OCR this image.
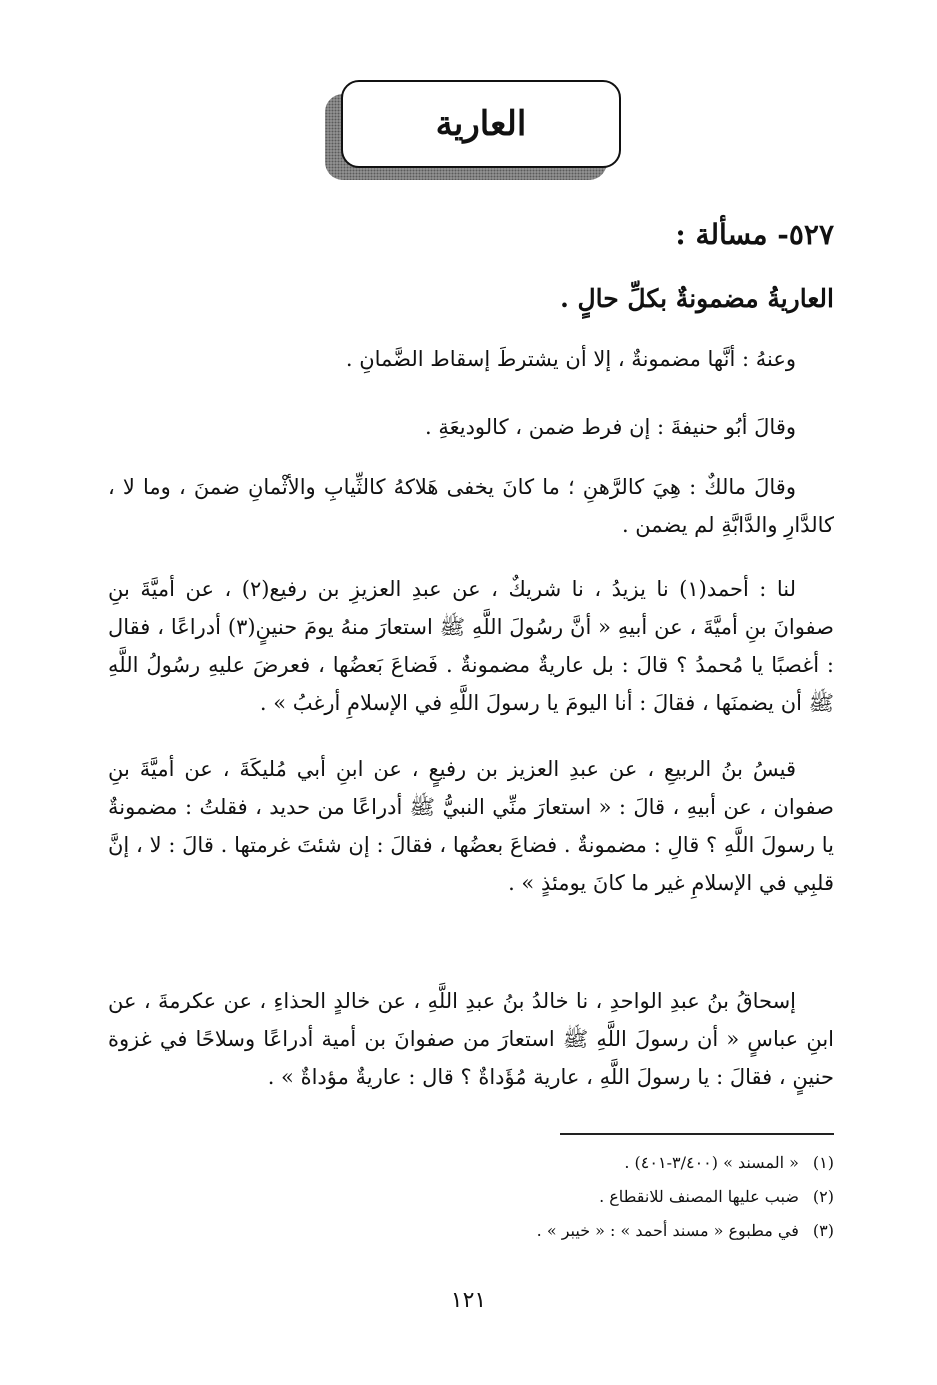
العارية
٥٢٧- مسألة :
العاريةُ مضمونةٌ بكلِّ حالٍ .
وعنهُ : أنَّها مضمونةٌ ، إلا أن يشترطَ إسقاط الضَّمانِ .
وقالَ أبُو حنيفةَ : إن فرط ضمن ، كالوديعَةِ .
وقالَ مالكٌ : هِيَ كالرَّهنِ ؛ ما كانَ يخفى هَلاكهُ كالثِّيابِ والأثْمانِ ضمنَ ، وما لا ، كالدَّارِ والدَّابَّةِ لم يضمن .
لنا : أحمد(١) نا يزيدُ ، نا شريكٌ ، عن عبدِ العزيزِ بن رفيع(٢) ، عن أميَّةَ بنِ صفوانَ بنِ أميَّةَ ، عن أبيهِ « أنَّ رسُولَ اللَّهِ ﷺ استعارَ منهُ يومَ حنينٍ(٣) أدراعًا ، فقال : أغصبًا يا مُحمدُ ؟ قالَ : بل عاريةٌ مضمونةٌ . فَضاعَ بَعضُها ، فعرضَ عليهِ رسُولُ اللَّهِ ﷺ أن يضمنَها ، فقالَ : أنا اليومَ يا رسولَ اللَّهِ في الإسلامِ أرغبُ » .
قيسُ بنُ الربيعِ ، عن عبدِ العزيز بن رفيعٍ ، عن ابنِ أبي مُليكَةَ ، عن أميَّةَ بنِ صفوان ، عن أبيهِ ، قالَ : « استعارَ منِّي النبيُّ ﷺ أدراعًا من حديد ، فقلتُ : مضمونةٌ يا رسولَ اللَّهِ ؟ قالِ : مضمونةٌ . فضاعَ بعضُها ، فقالَ : إن شئتَ غرمتها . قالَ : لا ، إنَّ قلبِي في الإسلامِ غير ما كانَ يومئذٍ » .
إسحاقُ بنُ عبدِ الواحدِ ، نا خالدُ بنُ عبدِ اللَّهِ ، عن خالدٍ الحذاءِ ، عن عكرمةَ ، عن ابنِ عباسٍ « أن رسولَ اللَّهِ ﷺ استعارَ من صفوانَ بن أمية أدراعًا وسلاحًا في غزوة حنينٍ ، فقالَ : يا رسولَ اللَّهِ ، عارية مُؤَداةٌ ؟ قال : عاريةٌ مؤداةٌ » .
(١)
« المسند » (٣/٤٠٠-٤٠١) .
(٢)
ضبب عليها المصنف للانقطاع .
(٣)
في مطبوع « مسند أحمد » : « خيبر » .
١٢١
